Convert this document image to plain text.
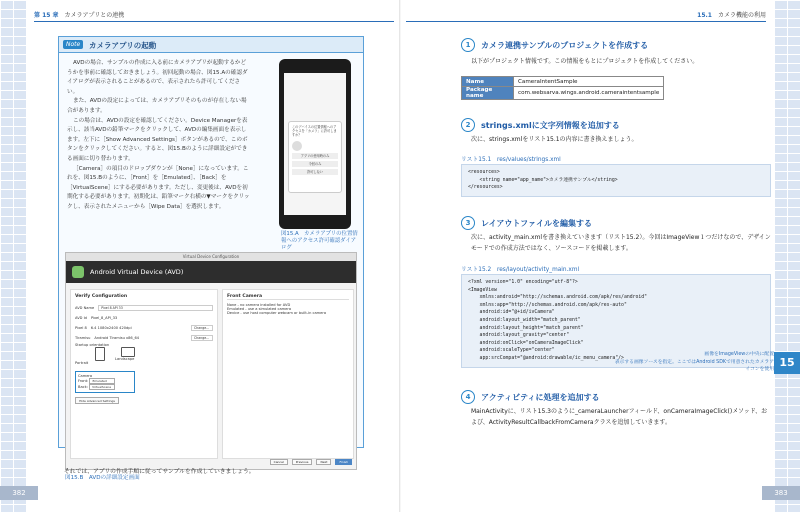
第 15 章　 カメラアプリとの連携
Note	カメラアプリの起動

AVDの場合、サンプルの作成に入る前にカメラアプリが起動するかどうかを事前に確認しておきましょう。初回起動の場合、図15.Aの確認ダイアログが表示されることがあるので、表示されたら許可してください。

また、AVDの設定によっては、カメラアプリそのものが存在しない場合があります。

この場合は、AVDの設定を確認してください。Device Managerを表示し、該当AVDの鉛筆マークをクリックして、AVDの編集画面を表示します。左下に［Show Advanced Settings］ボタンがあるので、このボタンをクリックしてください。すると、図15.Bのように詳細設定ができる画面に切り替わります。

［Camera］の項目のドロップダウンが［None］になっています。これを、図15.Bのように、［Front］を［Emulated］、［Back］を［VirtualScene］にする必要があります。ただし、変更後は、AVDを初期化する必要があります。初期化は、鉛筆マーク右横の▼マークをクリックし、表示されたメニューから［Wipe Data］を選択します。

このデバイスの位置情報へのアクセスを「カメラ」に許可しますか？
アプリの使用時のみ
今回のみ
許可しない
図15.A　カメラアプリの位置情報へのアクセス許可確認ダイアログ
Virtual Device Configuration
Android Virtual Device (AVD)
Verify Configuration
AVD Name	Pixel 8 API 33
AVD Id Pixel_8_API_33
Pixel 8 6.4 1080x2400 420dpi	Change...
Tiramisu Android Tiramisu x86_64	Change...
Startup orientation
Portrait
Landscape
Camera
Front: Emulated
Back: VirtualScene
Hide Advanced Settings
Front Camera
None - no camera installed for AVD
Emulated - use a simulated camera
Device - use host computer webcam or built-in camera
Cancel	Previous	Next	Finish
図15.B　AVDの詳細設定画面
それでは、アプリの作成手順に従ってサンプルを作成していきましょう。
382
15.1　 カメラ機能の利用
1	カメラ連携サンプルのプロジェクトを作成する
以下がプロジェクト情報です。この情報をもとにプロジェクトを作成してください。
Name	CameraIntentSample
Package name	com.websarva.wings.android.cameraintentsample
2	strings.xmlに文字列情報を追加する
次に、strings.xmlをリスト15.1の内容に書き換えましょう。
リスト15.1　res/values/strings.xml
<resources>
<string name="app_name">カメラ連携サンプル</string>
</resources>
3	レイアウトファイルを編集する
次に、activity_main.xmlを書き換えていきます（リスト15.2）。今回はImageView１つだけなので、デザインモードでの作成方法ではなく、ソースコードを掲載します。
リスト15.2　res/layout/activity_main.xml
<?xml version="1.0" encoding="utf-8"?>
<ImageView
xmlns:android="http://schemas.android.com/apk/res/android"
xmlns:app="http://schemas.android.com/apk/res-auto"
android:id="@+id/ivCamera"
android:layout_width="match_parent"
android:layout_height="match_parent"
android:layout_gravity="center"
android:onClick="onCameraImageClick"
android:scaleType="center"
app:srcCompat="@android:drawable/ic_menu_camera"/>
4	アクティビティに処理を追加する
MainActivityに、リスト15.3のように_cameraLauncherフィールド、onCameraImageClick()メソッド、および、ActivityResultCallbackFromCameraクラスを追加していきます。
383
画像をImageViewの中央に配置
表示する画像ソースを指定。ここではAndroid SDKで用意されたカメラアイコンを使用
15
